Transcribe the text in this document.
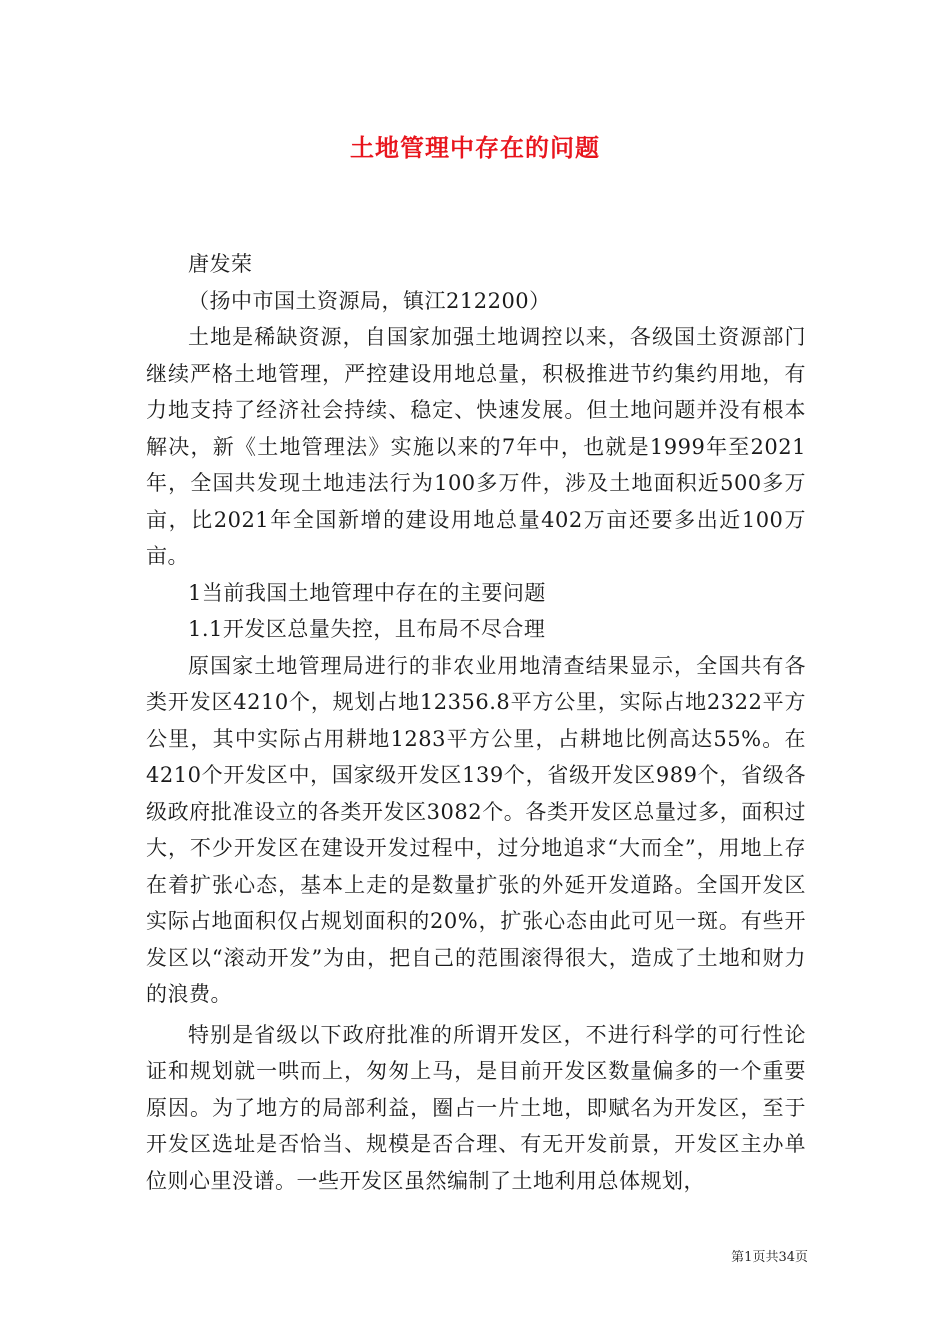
土地管理中存在的问题

唐发荣

（扬中市国土资源局，镇江212200）

土地是稀缺资源，自国家加强土地调控以来，各级国土资源部门继续严格土地管理，严控建设用地总量，积极推进节约集约用地，有力地支持了经济社会持续、稳定、快速发展。但土地问题并没有根本解决，新《土地管理法》实施以来的7年中，也就是1999年至2021年，全国共发现土地违法行为100多万件，涉及土地面积近500多万亩，比2021年全国新增的建设用地总量402万亩还要多出近100万亩。

1当前我国土地管理中存在的主要问题

1.1开发区总量失控，且布局不尽合理

原国家土地管理局进行的非农业用地清查结果显示，全国共有各类开发区4210个，规划占地12356.8平方公里，实际占地2322平方公里，其中实际占用耕地1283平方公里，占耕地比例高达55%。在4210个开发区中，国家级开发区139个，省级开发区989个，省级各级政府批准设立的各类开发区3082个。各类开发区总量过多，面积过大，不少开发区在建设开发过程中，过分地追求“大而全”，用地上存在着扩张心态，基本上走的是数量扩张的外延开发道路。全国开发区实际占地面积仅占规划面积的20%，扩张心态由此可见一斑。有些开发区以“滚动开发”为由，把自己的范围滚得很大，造成了土地和财力的浪费。

特别是省级以下政府批准的所谓开发区，不进行科学的可行性论证和规划就一哄而上，匆匆上马，是目前开发区数量偏多的一个重要原因。为了地方的局部利益，圈占一片土地，即赋名为开发区，至于开发区选址是否恰当、规模是否合理、有无开发前景，开发区主办单位则心里没谱。一些开发区虽然编制了土地利用总体规划，

第1页共34页
